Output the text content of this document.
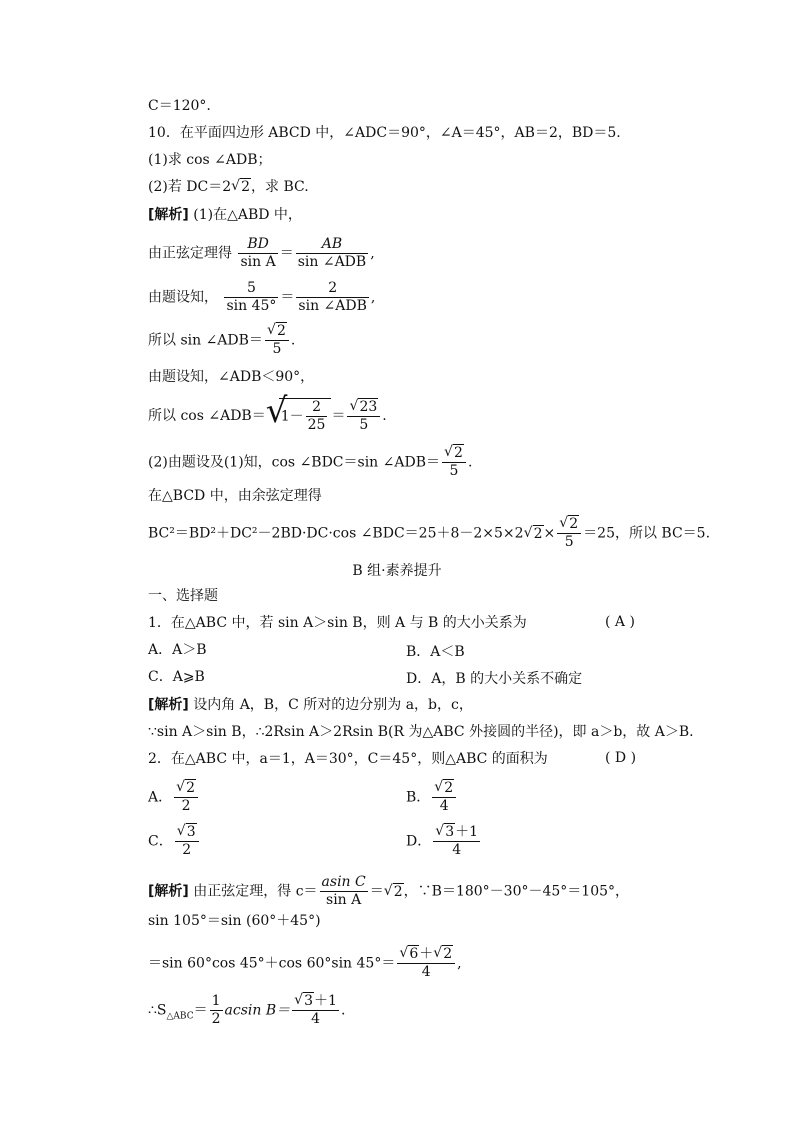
C＝120°.
10．在平面四边形 ABCD 中，∠ADC＝90°，∠A＝45°，AB＝2，BD＝5.
(1)求 cos ∠ADB；
(2)若 DC＝2 √ 2，求 BC.
[解析] (1)在△ABD 中，
由正弦定理得 $\frac{BD}{\text{sin A}} = \frac{AB}{\text{sin ∠ADB}}$ ,
由题设知， $\frac{5}{\sin 45^\circ} = \frac{2}{\text{sin ∠ADB}}$ ,
所以 sin ∠ADB＝ √ $\frac{2}{5}$ .
由题设知，∠ADB＜90°，
所以 cos ∠ADB＝ √
$1- \frac{2}{25}$ ＝ √ $\frac{23}{5}$ .
(2)由题设及(1)知，cos ∠BDC＝sin ∠ADB＝ √ $\frac{2}{5}$ .
在△BCD 中，由余弦定理得
BC²＝BD²＋DC²－2BD·DC·cos ∠BDC＝25＋8－2×5×2 √ 2× √ $\frac{2}{5} =25$，所以 BC＝5.
B 组·素养提升
一、选择题
1．在△ABC 中，若 sin A＞sin B，则 A 与 B 的大小关系为	( A )
A．A＞B	B．A＜B
C．A⩾B	D．A，B 的大小关系不确定
[解析] 设内角 A，B，C 所对的边分别为 a，b，c，
∵sin A＞sin B，∴2Rsin A＞2Rsin B(R 为△ABC 外接圆的半径)，即 a＞b，故 A＞B.
2．在△ABC 中，a＝1，A＝30°，C＝45°，则△ABC 的面积为	( D )
A． √ $\frac{2}{2}$	B． √ $\frac{2}{4}$
C． √ $\frac{3}{2}$	D． √ $\frac{3+1}{4}$
[解析] 由正弦定理，得 $c= \frac{\text{asin C}}{\text{sin A}}$ ＝ √ 2，∵B＝180°－30°－45°＝105°，
sin 105°＝sin (60°＋45°)
＝sin 60°cos 45°＋cos 60°sin 45°＝ √ $\frac{6+ √ 2}{4}$ ,
$\therefore S_{\triangle ABC}= \frac{1}{2}$ acsin B＝ √ $\frac{3+1}{4}$ .
